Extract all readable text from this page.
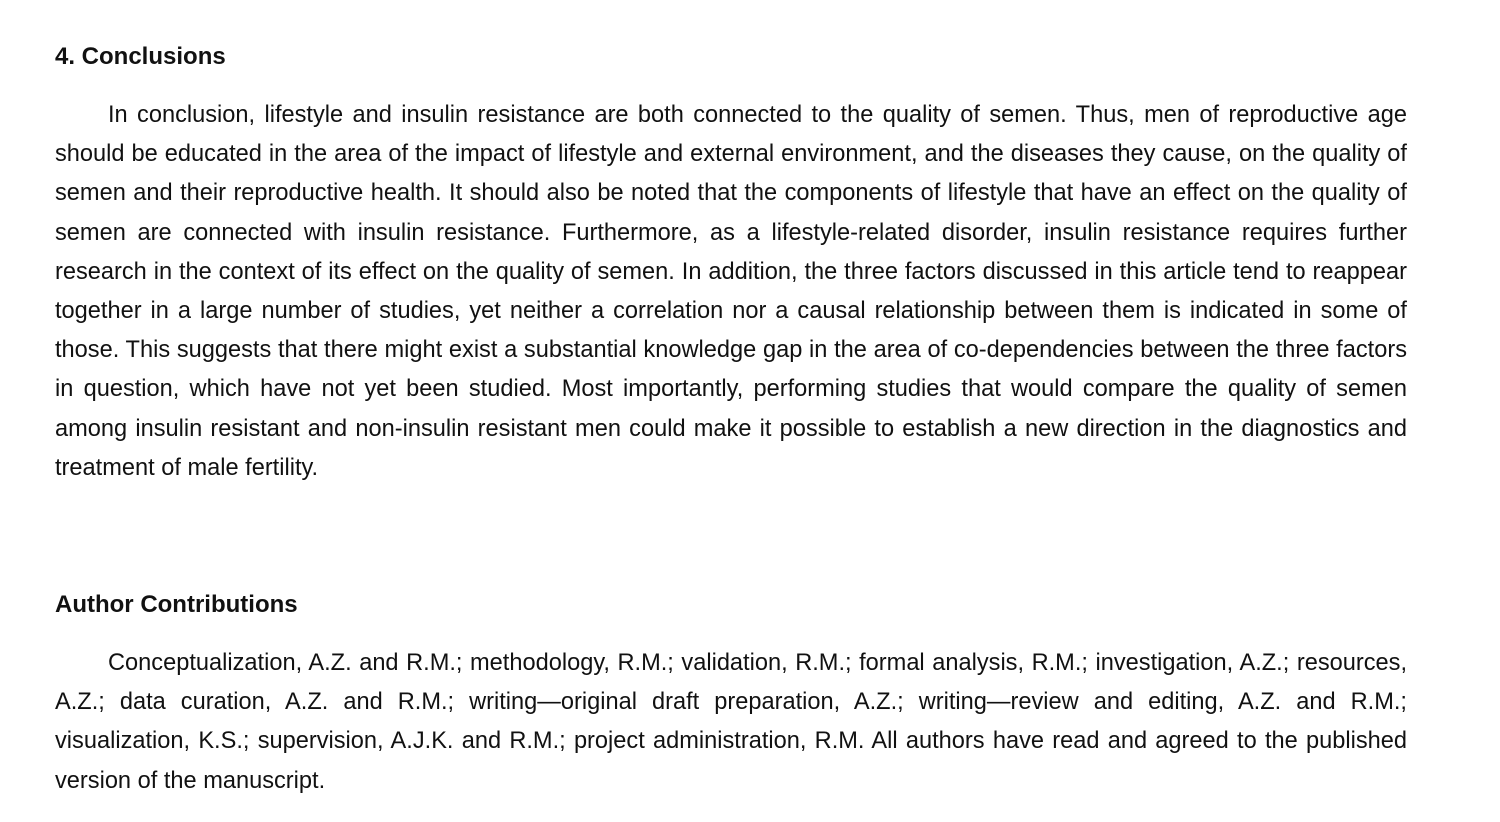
4. Conclusions

In conclusion, lifestyle and insulin resistance are both connected to the quality of semen. Thus, men of reproductive age should be educated in the area of the impact of lifestyle and external environment, and the diseases they cause, on the quality of semen and their reproductive health. It should also be noted that the components of lifestyle that have an effect on the quality of semen are connected with insulin resistance. Furthermore, as a lifestyle-related disorder, insulin resistance requires further research in the context of its effect on the quality of semen. In addition, the three factors discussed in this article tend to reappear together in a large number of studies, yet neither a correlation nor a causal relationship between them is indicated in some of those. This suggests that there might exist a substantial knowledge gap in the area of co-dependencies between the three factors in question, which have not yet been studied. Most importantly, performing studies that would compare the quality of semen among insulin resistant and non-insulin resistant men could make it possible to establish a new direction in the diagnostics and treatment of male fertility.

Author Contributions

Conceptualization, A.Z. and R.M.; methodology, R.M.; validation, R.M.; formal analysis, R.M.; investigation, A.Z.; resources, A.Z.; data curation, A.Z. and R.M.; writing—original draft preparation, A.Z.; writing—review and editing, A.Z. and R.M.; visualization, K.S.; supervision, A.J.K. and R.M.; project administration, R.M. All authors have read and agreed to the published version of the manuscript.
